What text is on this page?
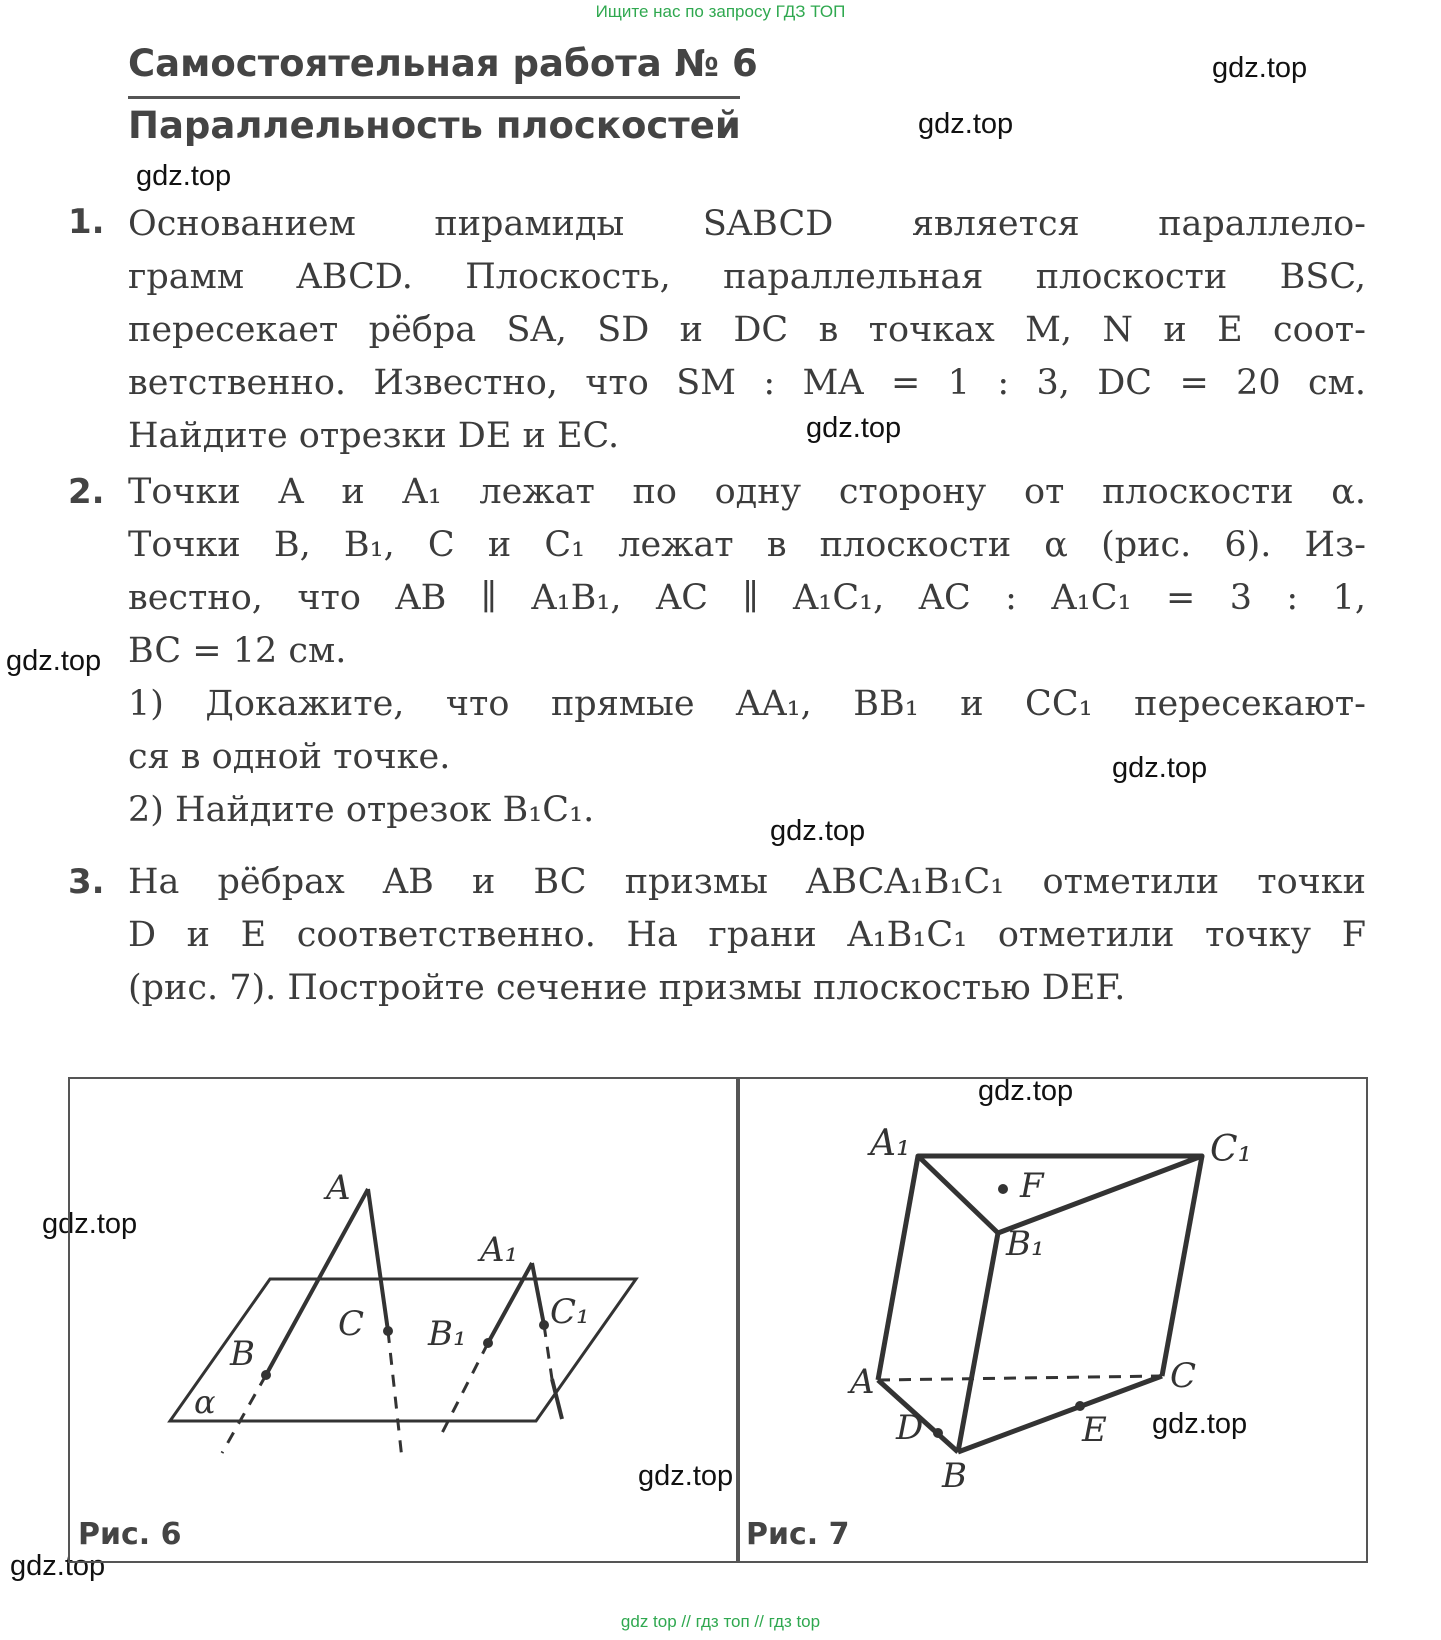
Ищите нас по запросу ГДЗ ТОП
gdz.top
gdz.top
gdz.top
gdz.top
gdz.top
gdz.top
gdz.top
gdz.top
gdz.top
gdz.top
gdz.top
gdz.top
Самостоятельная работа № 6
Параллельность плоскостей
1. Основанием пирамиды SABCD является параллело-
грамм ABCD. Плоскость, параллельная плоскости BSC,
пересекает рёбра SA, SD и DC в точках M, N и E соот-
ветственно. Известно, что SM : MA = 1 : 3, DC = 20 см.
Найдите отрезки DE и EC.
2. Точки A и A₁ лежат по одну сторону от плоскости α.
Точки B, B₁, C и C₁ лежат в плоскости α (рис. 6). Из-
вестно, что AB ∥ A₁B₁, AC ∥ A₁C₁, AC : A₁C₁ = 3 : 1,
BC = 12 см.
1) Докажите, что прямые AA₁, BB₁ и CC₁ пересекают-
ся в одной точке.
2) Найдите отрезок B₁C₁.
3. На рёбрах AB и BC призмы ABCA₁B₁C₁ отметили точки
D и E соответственно. На грани A₁B₁C₁ отметили точку F
(рис. 7). Постройте сечение призмы плоскостью DEF.
A
A₁
B
C B₁
C₁
α
Рис. 6
A₁	C₁
F
B₁
A	C
D	E
B
Рис. 7
gdz top // гдз топ // гдз top
